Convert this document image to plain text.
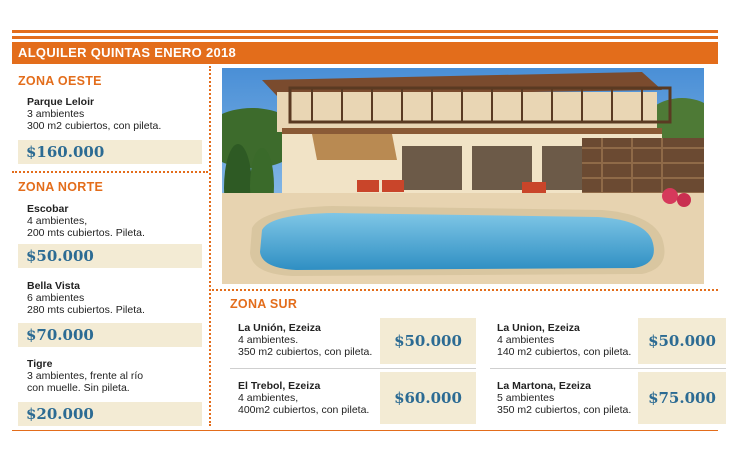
ALQUILER QUINTAS ENERO 2018
ZONA OESTE
Parque Leloir
3 ambientes
300 m2 cubiertos, con pileta.
$160.000
ZONA NORTE
Escobar
4 ambientes,
200 mts cubiertos. Pileta.
$50.000
Bella Vista
6 ambientes
280 mts cubiertos. Pileta.
$70.000
Tigre
3 ambientes, frente al río
con muelle. Sin pileta.
$20.000
ZONA SUR
La Unión, Ezeiza
4 ambientes.
350 m2 cubiertos, con pileta.
$50.000
El Trebol, Ezeiza
4 ambientes,
400m2 cubiertos, con pileta.
$60.000
La Union, Ezeiza
4 ambientes
140 m2 cubiertos, con pileta.
$50.000
La Martona, Ezeiza
5 ambientes
350 m2 cubiertos, con pileta.
$75.000
